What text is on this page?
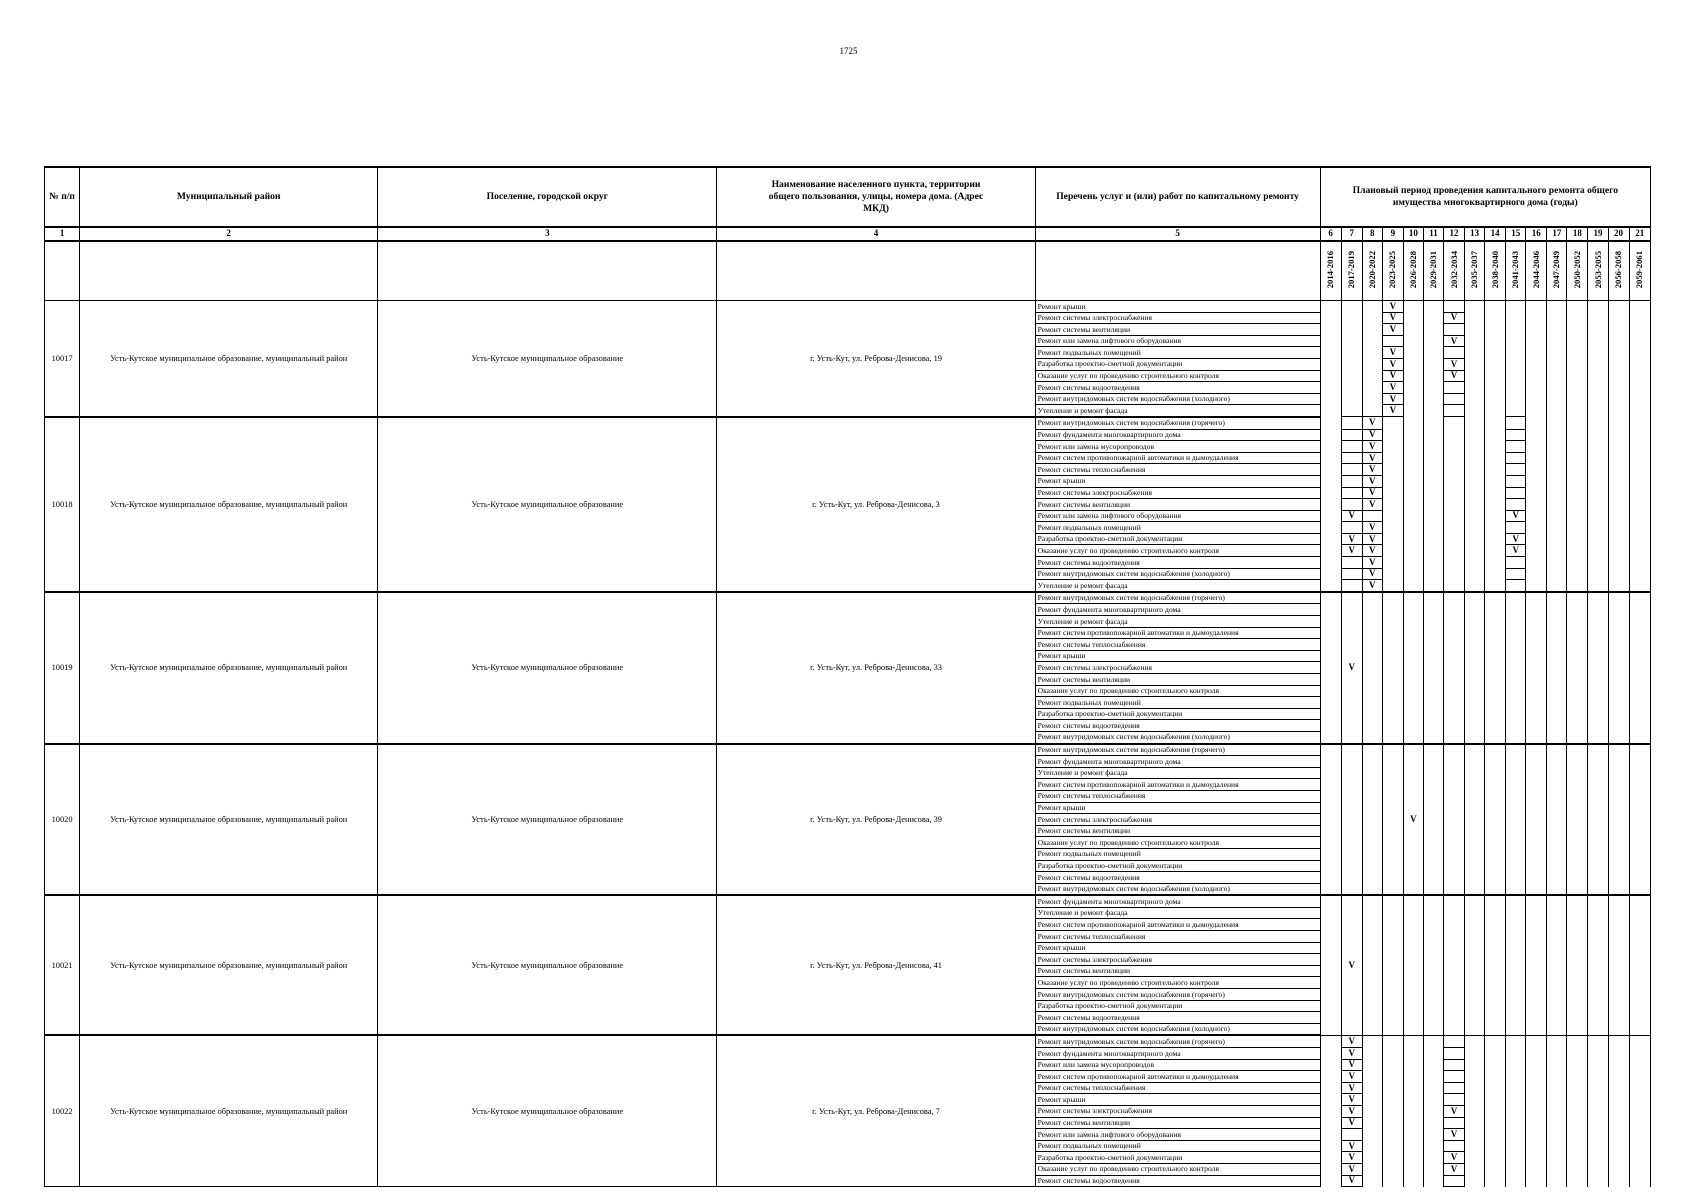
1725
№ п/п	Муниципальный район	Поселение, городской округ	Наименование населенного пункта, территории общего пользования, улицы, номера дома. (Адрес МКД)	Перечень услуг и (или) работ по капитальному ремонту	Плановый период проведения капитального ремонта общего имущества многоквартирного дома (годы)															
1	2	3	4	5	6	7	8	9	10	11	12	13	14	15	16	17	18	19	20	21
					2014-2016	2017-2019	2020-2022	2023-2025	2026-2028	2029-2031	2032-2034	2035-2037	2038-2040	2041-2043	2044-2046	2047-2049	2050-2052	2053-2055	2056-2058	2059-2061
10017	Усть-Кутское муниципальное образование, муниципальный район	Усть-Кутское муниципальное образование	г. Усть-Кут, ул. Реброва-Денисова, 19	Ремонт крыши				V												
				Ремонт системы электроснабжения				V			V									
				Ремонт системы вентиляции				V												
				Ремонт или замена лифтового оборудования							V									
				Ремонт подвальных помещений				V												
				Разработка проектно-сметной документации				V			V									
				Оказание услуг по проведению строительного контроля				V			V									
				Ремонт системы водоотведения				V												
				Ремонт внутридомовых систем водоснабжения (холодного)				V												
				Утепление и ремонт фасада				V												
10018	Усть-Кутское муниципальное образование, муниципальный район	Усть-Кутское муниципальное образование	г. Усть-Кут, ул. Реброва-Денисова, 3	Ремонт внутридомовых систем водоснабжения (горячего)			V													
				Ремонт фундамента многоквартирного дома			V													
				Ремонт или замена мусоропроводов			V													
				Ремонт систем противопожарной автоматики и дымоудаления			V													
				Ремонт системы теплоснабжения			V													
				Ремонт крыши			V													
				Ремонт системы электроснабжения			V													
				Ремонт системы вентиляции			V													
				Ремонт или замена лифтового оборудования		V								V						
				Ремонт подвальных помещений			V													
				Разработка проектно-сметной документации		V	V							V						
				Оказание услуг по проведению строительного контроля		V	V							V						
				Ремонт системы водоотведения			V													
				Ремонт внутридомовых систем водоснабжения (холодного)			V													
				Утепление и ремонт фасада			V													
10019	Усть-Кутское муниципальное образование, муниципальный район	Усть-Кутское муниципальное образование	г. Усть-Кут, ул. Реброва-Денисова, 33	Ремонт внутридомовых систем водоснабжения (горячего)		V														
				Ремонт фундамента многоквартирного дома																
				Утепление и ремонт фасада																
				Ремонт систем противопожарной автоматики и дымоудаления																
				Ремонт системы теплоснабжения																
				Ремонт крыши																
				Ремонт системы электроснабжения																
				Ремонт системы вентиляции																
				Оказание услуг по проведению строительного контроля																
				Ремонт подвальных помещений																
				Разработка проектно-сметной документации																
				Ремонт системы водоотведения																
				Ремонт внутридомовых систем водоснабжения (холодного)																
10020	Усть-Кутское муниципальное образование, муниципальный район	Усть-Кутское муниципальное образование	г. Усть-Кут, ул. Реброва-Денисова, 39	Ремонт внутридомовых систем водоснабжения (горячего)					V											
				Ремонт фундамента многоквартирного дома																
				Утепление и ремонт фасада																
				Ремонт систем противопожарной автоматики и дымоудаления																
				Ремонт системы теплоснабжения																
				Ремонт крыши																
				Ремонт системы электроснабжения																
				Ремонт системы вентиляции																
				Оказание услуг по проведению строительного контроля																
				Ремонт подвальных помещений																
				Разработка проектно-сметной документации																
				Ремонт системы водоотведения																
				Ремонт внутридомовых систем водоснабжения (холодного)																
10021	Усть-Кутское муниципальное образование, муниципальный район	Усть-Кутское муниципальное образование	г. Усть-Кут, ул. Реброва-Денисова, 41	Ремонт фундамента многоквартирного дома		V														
				Утепление и ремонт фасада																
				Ремонт систем противопожарной автоматики и дымоудаления																
				Ремонт системы теплоснабжения																
				Ремонт крыши																
				Ремонт системы электроснабжения																
				Ремонт системы вентиляции																
				Оказание услуг по проведению строительного контроля																
				Ремонт внутридомовых систем водоснабжения (горячего)																
				Разработка проектно-сметной документации																
				Ремонт системы водоотведения																
				Ремонт внутридомовых систем водоснабжения (холодного)																
10022	Усть-Кутское муниципальное образование, муниципальный район	Усть-Кутское муниципальное образование	г. Усть-Кут, ул. Реброва-Денисова, 7	Ремонт внутридомовых систем водоснабжения (горячего)		V														
				Ремонт фундамента многоквартирного дома		V														
				Ремонт или замена мусоропроводов		V														
				Ремонт систем противопожарной автоматики и дымоудаления		V														
				Ремонт системы теплоснабжения		V														
				Ремонт крыши		V														
				Ремонт системы электроснабжения		V					V									
				Ремонт системы вентиляции		V														
				Ремонт или замена лифтового оборудования							V									
				Ремонт подвальных помещений		V														
				Разработка проектно-сметной документации		V					V									
				Оказание услуг по проведению строительного контроля		V					V									
				Ремонт системы водоотведения		V														
